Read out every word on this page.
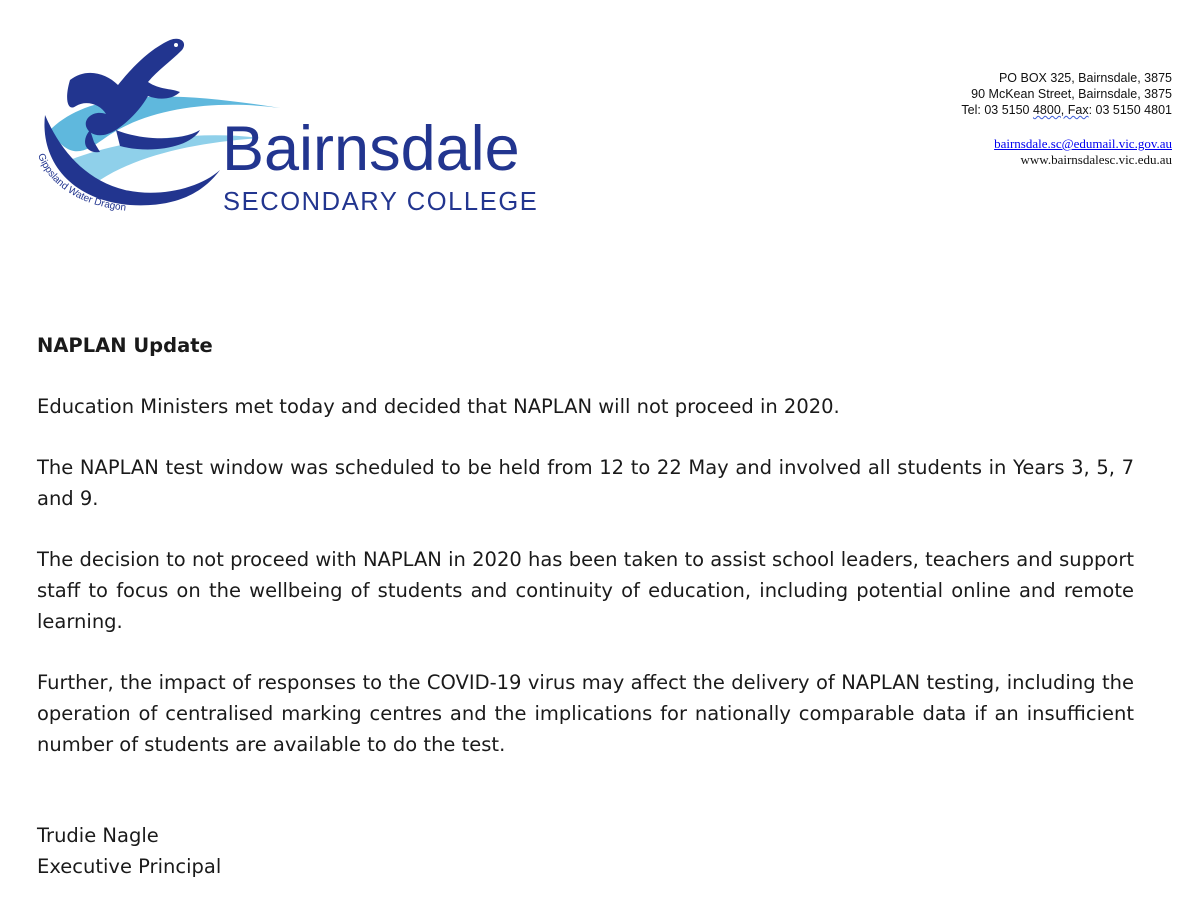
Gippsland Water Dragon
Bairnsdale
SECONDARY COLLEGE
PO BOX 325, Bairnsdale, 3875
90 McKean Street, Bairnsdale, 3875
Tel: 03 5150 4800, Fax: 03 5150 4801
bairnsdale.sc@edumail.vic.gov.au
www.bairnsdalesc.vic.edu.au

NAPLAN Update

Education Ministers met today and decided that NAPLAN will not proceed in 2020.

The NAPLAN test window was scheduled to be held from 12 to 22 May and involved all students in Years 3, 5, 7 and 9.

The decision to not proceed with NAPLAN in 2020 has been taken to assist school leaders, teachers and support staff to focus on the wellbeing of students and continuity of education, including potential online and remote learning.

Further, the impact of responses to the COVID-19 virus may affect the delivery of NAPLAN testing, including the operation of centralised marking centres and the implications for nationally comparable data if an insufficient number of students are available to do the test.

Trudie Nagle
Executive Principal
